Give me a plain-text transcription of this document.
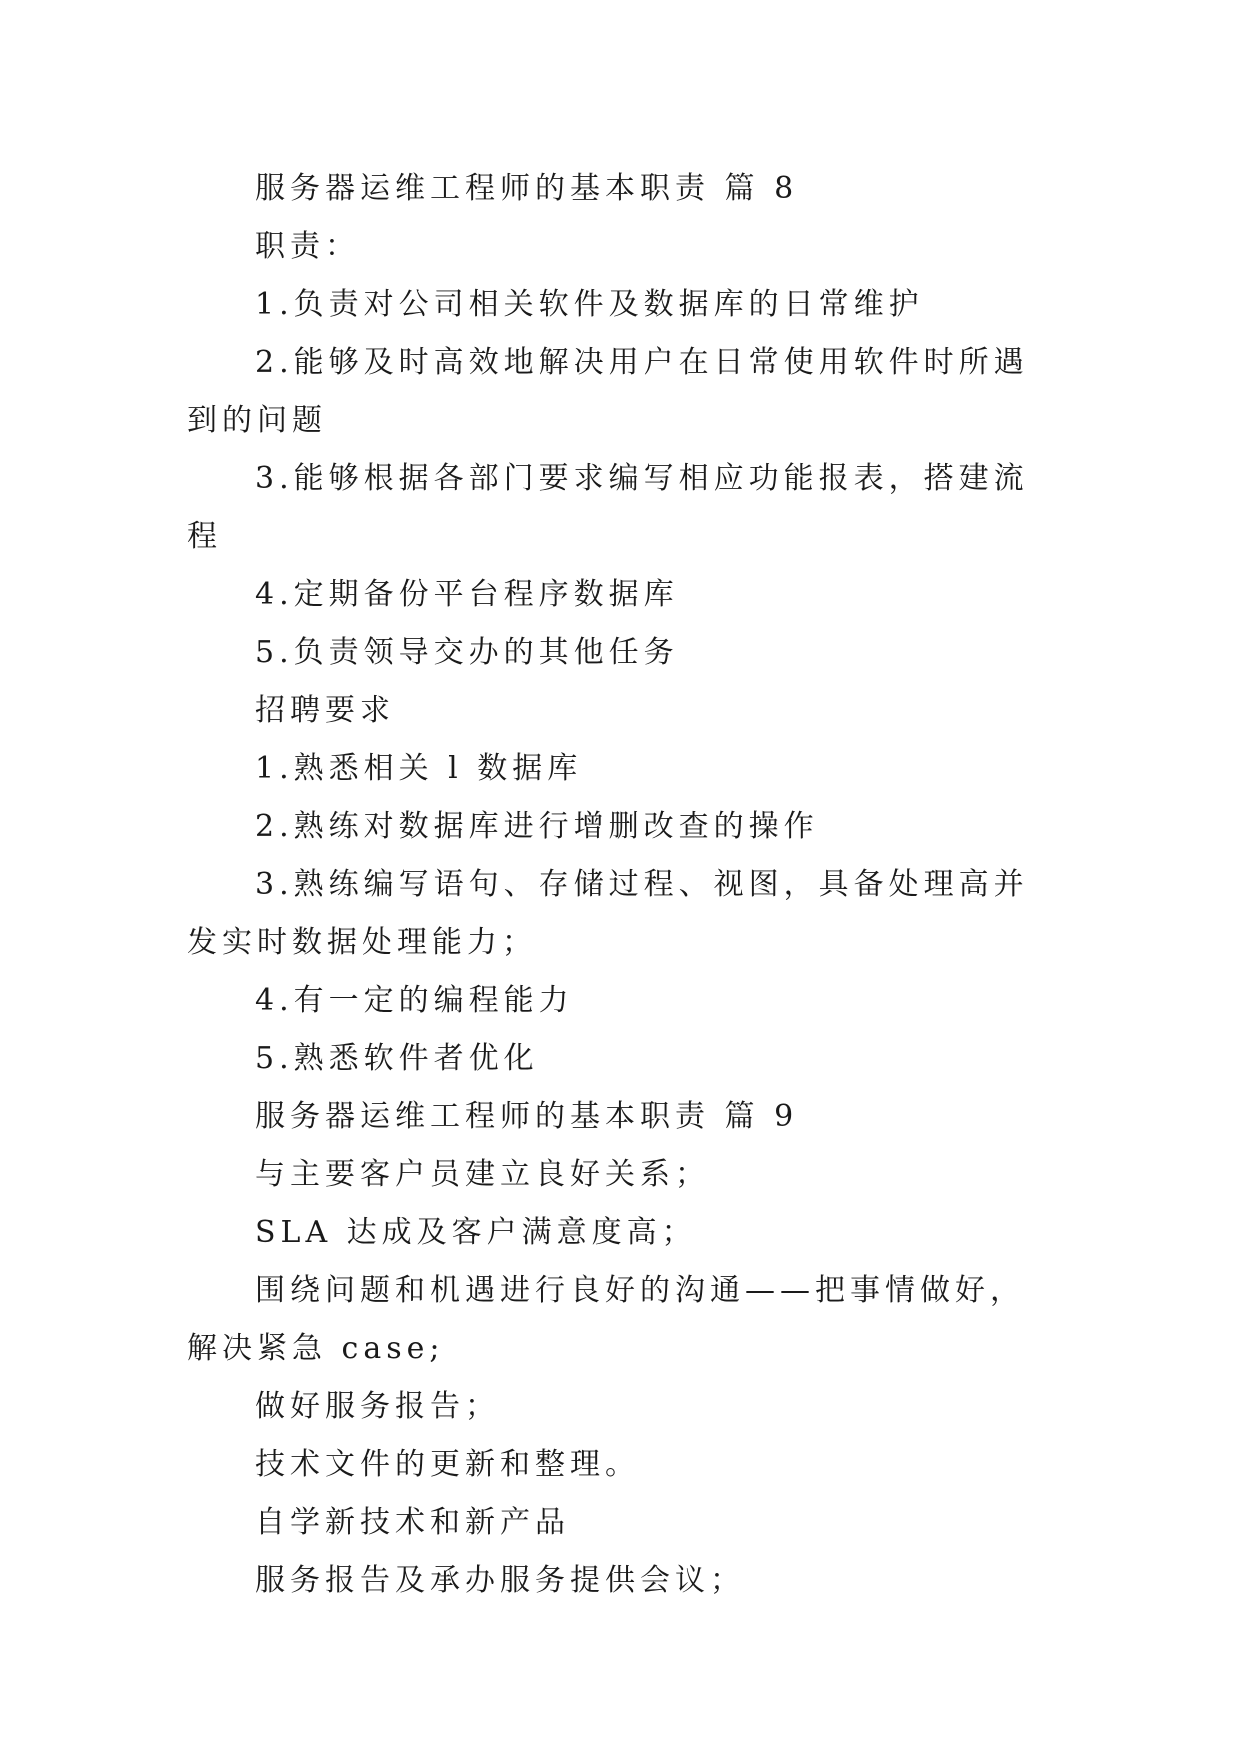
服务器运维工程师的基本职责 篇 8

职责：

1.负责对公司相关软件及数据库的日常维护

2.能够及时高效地解决用户在日常使用软件时所遇到的问题

3.能够根据各部门要求编写相应功能报表，搭建流程

4.定期备份平台程序数据库

5.负责领导交办的其他任务

招聘要求

1.熟悉相关 l 数据库

2.熟练对数据库进行增删改查的操作

3.熟练编写语句、存储过程、视图，具备处理高并发实时数据处理能力；

4.有一定的编程能力

5.熟悉软件者优化

服务器运维工程师的基本职责 篇 9

与主要客户员建立良好关系；

SLA 达成及客户满意度高；

围绕问题和机遇进行良好的沟通——把事情做好，解决紧急 case;

做好服务报告；

技术文件的更新和整理。

自学新技术和新产品

服务报告及承办服务提供会议；
